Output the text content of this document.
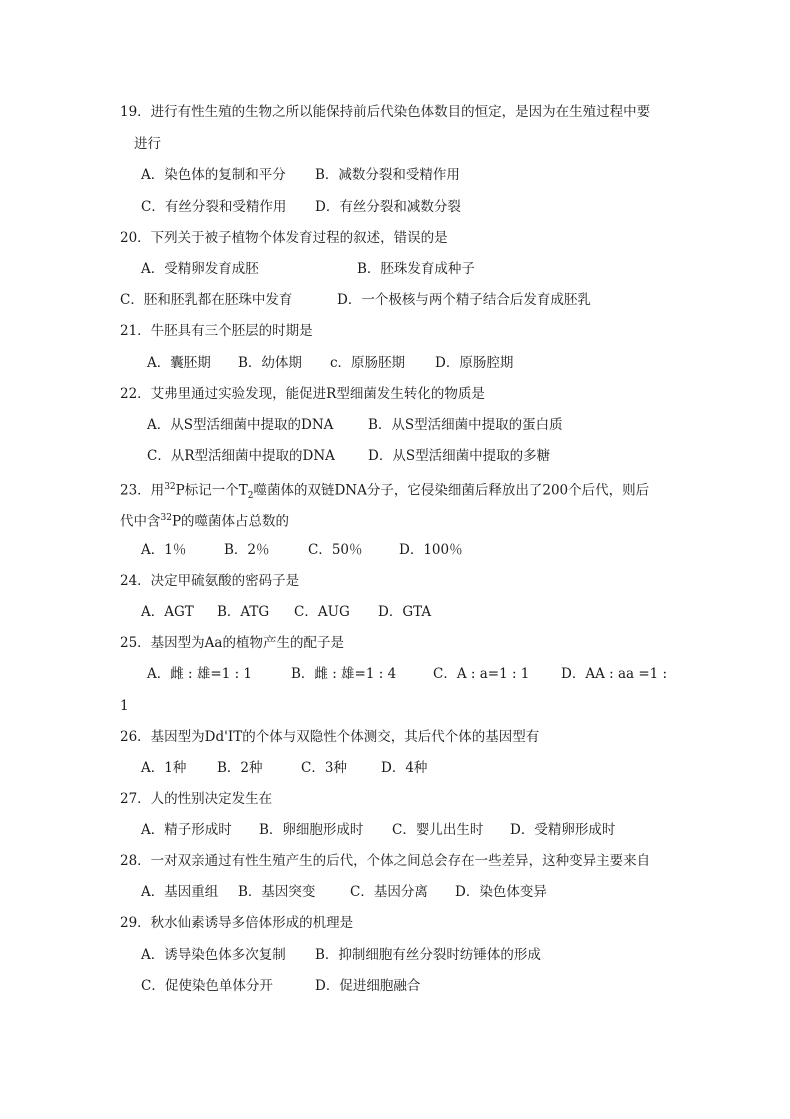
19．进行有性生殖的生物之所以能保持前后代染色体数目的恒定，是因为在生殖过程中要
进行
A．染色体的复制和平分 B．减数分裂和受精作用
C．有丝分裂和受精作用 D．有丝分裂和减数分裂
20．下列关于被子植物个体发育过程的叙述，错误的是
A．受精卵发育成胚	B．胚珠发育成种子
C．胚和胚乳都在胚珠中发育	D．一个极核与两个精子结合后发育成胚乳
21．牛胚具有三个胚层的时期是
A．囊胚期 B．幼体期 c．原肠胚期 D．原肠腔期
22．艾弗里通过实验发现，能促进R型细菌发生转化的物质是
A．从S型活细菌中提取的DNA	B．从S型活细菌中提取的蛋白质
C．从R型活细菌中提取的DNA D．从S型活细菌中提取的多糖
23．用$^{32}$P标记一个$T_2$噬菌体的双链DNA分子，它侵染细菌后释放出了200个后代，则后
代中含$^{32}$P的噬菌体占总数的
A．1％	B．2％	C．50％	D．100％
24．决定甲硫氨酸的密码子是
A．AGT B．ATG C．AUG D．GTA
25．基因型为Aa的植物产生的配子是
A．雌 : 雄=1 : 1	B．雌 : 雄=1 : 4	C．A : a=1 : 1 D．AA : aa =1 :
1
26．基因型为Dd'IT的个体与双隐性个体测交，其后代个体的基因型有
A．1种 B．2种	C．3种	D．4种
27．人的性别决定发生在
A．精子形成时 B．卵细胞形成时 C．婴儿出生时 D．受精卵形成时
28．一对双亲通过有性生殖产生的后代，个体之间总会存在一些差异，这种变异主要来自
A．基因重组 B．基因突变	C．基因分离 D．染色体变异
29．秋水仙素诱导多倍体形成的机理是
A．诱导染色体多次复制 B．抑制细胞有丝分裂时纺锤体的形成
C．促使染色单体分开	D．促进细胞融合
